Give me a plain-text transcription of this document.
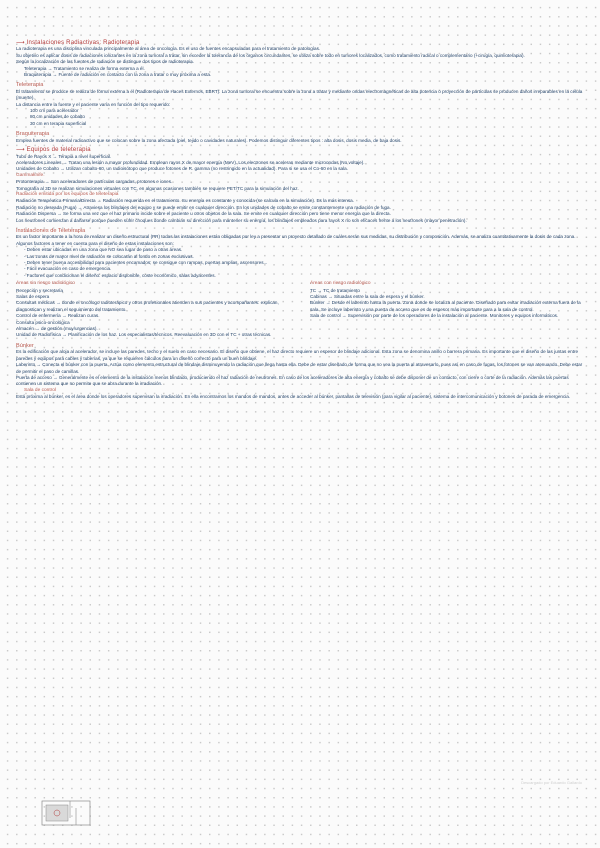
⟶ Instalaciones Radiactivas: Radioterapia

La radioterapia es una disciplina vinculada principalmente al área de oncología. Es el uso de fuentes encapsuladas para el tratamiento de patologías.

Su objetivo es aplicar dosis de radiaciones ionizantes en la zona tumoral a tratar, sin exceder la tolerancia de los órganos circundantes, se utiliza sobre todo en tumores localizados, como tratamiento radical o complementario (+cirugía, quimioterapia).

Según la localización de las fuentes de radiación se distingue dos tipos de radioterapia.

Teleterapia → Tratamiento se realiza de forma externa a él.

Braquiterapia → Fuente de radiación en contacto con la zona a tratar o muy próxima a esta.

Teleterapia

El tratamiento se produce se realiza de forma externa a él (Radioterapia de Haces Externos, EBRT). La zona tumoral se encuentra sobre la zona a tratar y mediante ondas electromagnéticas de alta potencia o proyección de partículas se producen daños irreparables en la célula (muerte).

La distancia entre la fuente y el paciente varía en función del tipo requerido:

100 cm para acelerador

80 cm unidades de cobalto

30 cm en terapia superficial

Braquiterapia

Emplea fuentes de material radioactivo que se colocan sobre la zona afectada (piel, tejido o cavidades naturales). Podemos distinguir diferentes tipos : alta dosis, dosis media, de baja dosis.

⟶ Equipos de teleterapia

Tubo de Rayos X → Terapia a nivel superficial.

Aceleradores Lineales → Tratan una lesión a mayor profundidad. Emplean rayos X de mayor energía (MeV). Los electrones se aceleran mediante microondas (No voltaje).

Unidades de Cobalto → Utilizan cobalto-60, un radioisótopo que produce fotones de R. gamma (no restringido en la actualidad). Para si se usa el Co-60 en la sala.

Gammaknife.

Protonterapia → Son aceleradores de partículas cargadas, protones e iones.

Tomografía al 3D se realizan simulaciones virtuales con TC, en algunas ocasiones también se requiere PET/TC para la simulación del haz.

Radiación emitida por los equipos de teleterapia

Radiación Terapéutica Primaria/Directa → Radiación requerida en el tratamiento. Su energía es constante y conocida (se calcula en la simulación). Es la más intensa.

Radiación no deseada (Fuga) → Atraviesa los blindajes del equipo y se puede emitir en cualquier dirección. En los unidades de cobalto se emite constantemente una radiación de fuga.

Radiación Dispersa → Se forma una vez que el haz primario incide sobre el paciente u otros objetos de la sala. Se emite en cualquier dirección pero tiene menor energía que la directa.

Los neutrones comienzan a dañarse porque pueden sufrir choques donde cambian su dirección para mantener su energía, los blindajes empleados para rayos X no son eficaces frente a los neutrones (mayor penetración).

Instalaciones de Teleterapia

Es un factor importante a la hora de realizar un diseño estructural (PR) todas las instalaciones están obligadas por ley a presentar un proyecto detallado de cuáles serán sus medidas, su distribución y composición. Además, se analiza cuantitativamente la dosis de cada zona.

Algunos factores a tener en cuenta para el diseño de estas instalaciones son:

- Deben estar ubicadas en una zona que NO sea lugar de paso a otras áreas.

- Las zonas de mayor nivel de radiación se colocarán al fondo en zonas exclusivas.

- Deben tener buena accesibilidad para pacientes encamados; se consigue con rampas, puertas amplias, ascensores...

- Fácil evacuación en caso de emergencia.

- Factores que condicionan el diseño: espacio disponible, coste económico, salas adyacentes.

Áreas sin riesgo radiológico

Recepción y secretaría

Salas de espera

Consultas médicas → donde el oncólogo radioterápico y otros profesionales atienden a sus pacientes y acompañantes: explican, diagnostican y realizan el seguimiento del tratamiento.

Control de enfermería → Realizan curas.

Consulta psico-oncológica

Almacén → de gestión (muy/urgencias).

Unidad de Radiofísica → Planificación de los haz. Los especialistas/técnicos. Reevaluación en 3D con el TC + otras técnicas.

Áreas con riesgo radiológico

TC → TC de tratamiento

Cabinas → Situadas entre la sala de espera y el búnker.

Búnker → Desde el laberinto hasta la puerta. Zona donde se localiza al paciente. Diseñado para evitar irradiación externa fuera de la sala. Se incluye laberinto y una puerta de acceso que es de espesor más importante para a la sala de control.

Sala de control → Supervisión por parte de los operadores de la instalación al paciente. Monitores y equipos informáticos.

Búnker

Es la edificación que aloja al acelerador, se incluye las paredes, techo y el suelo en caso necesario. El diseño que obtiene, el haz directo requiere un espesor de blindaje adicional. Esta zona se denomina anillo o barrera primaria. Es importante que el diseño de las juntas entre paredes y equipos para cables y tuberías, ya que se requieren cálculos para un diseño correcto para un buen blindaje.

Laberinto → Conecta el búnker con la puerta. Actúa como elemento estructural de blindaje disminuyendo la radiación que llega hasta ella. Debe de estar diseñado de forma que no vea la puerta al atravesarlo, pues así en caso de fugas, los fotones se van atenuando. Debe estar de permitir el paso de camillas.

Puerta de acceso → Generalmente es el elemento de la instalación menos blindado, produciendo el haz radiación de neutrones. En caso de los aceleradores de alta energía y cobalto se debe disponer de un contacto, con cierre o corte de la radiación. Además las puertas contienen un sistema que no permite que se abra durante la irradiación.

Sala de control

Está próxima al búnker, es el área donde los operadores supervisan la irradiación. En ella encontramos los mandos de mandos, antes de acceder al búnker, pantallas de televisión (para vigilar al paciente), sistema de intercomunicación y botones de parada de emergencia.

Descargado por Eduardo Gallardo
